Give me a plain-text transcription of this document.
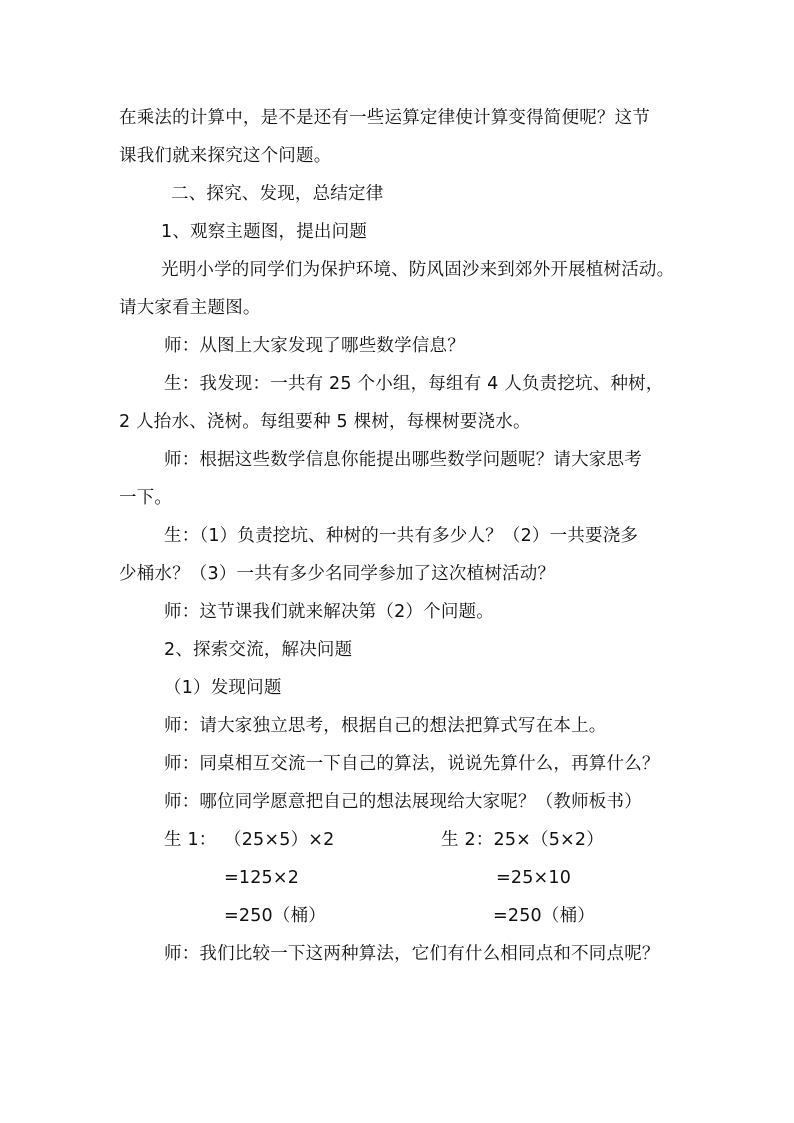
在乘法的计算中，是不是还有一些运算定律使计算变得简便呢？这节
课我们就来探究这个问题。
二、探究、发现，总结定律
1、观察主题图，提出问题
光明小学的同学们为保护环境、防风固沙来到郊外开展植树活动。
请大家看主题图。
师：从图上大家发现了哪些数学信息？
生：我发现：一共有 25 个小组，每组有 4 人负责挖坑、种树，
2 人抬水、浇树。每组要种 5 棵树，每棵树要浇水。
师：根据这些数学信息你能提出哪些数学问题呢？请大家思考
一下。
生：（1）负责挖坑、种树的一共有多少人？（2）一共要浇多
少桶水？（3）一共有多少名同学参加了这次植树活动？
师：这节课我们就来解决第（2）个问题。
2、探索交流，解决问题
（1）发现问题
师：请大家独立思考，根据自己的想法把算式写在本上。
师：同桌相互交流一下自己的算法，说说先算什么，再算什么？
师：哪位同学愿意把自己的想法展现给大家呢？（教师板书）
生 1： （25×5）×2
=125×2
=250（桶）
生 2：25×（5×2）
=25×10
=250（桶）
师：我们比较一下这两种算法，它们有什么相同点和不同点呢？
